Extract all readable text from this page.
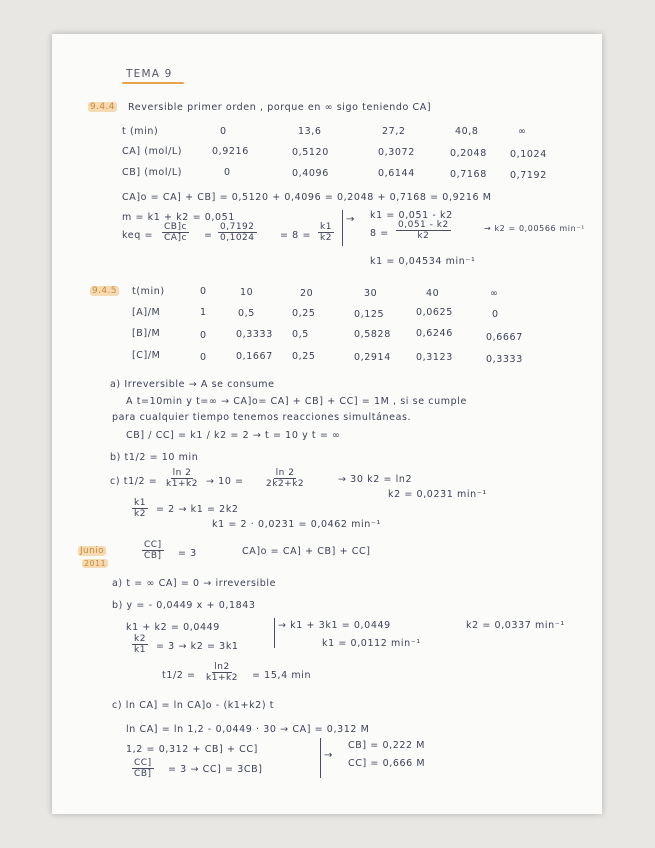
TEMA 9
9.4.4 Reversible primer orden , porque en ∞ sigo teniendo CA]
t (min)	0	13,6	27,2	40,8	∞
CA] (mol/L)	0,9216	0,5120	0,3072	0,2048 0,1024
CB] (mol/L)	0	0,4096	0,6144	0,7168 0,7192
CA]o = CA] + CB] = 0,5120 + 0,4096 = 0,2048 + 0,7168 = 0,9216 M
m = k1 + k2 = 0,051
keq = $\frac{CB]c}{CA]c} = \frac{0,7192}{0,1024} = 8 = \frac{k1}{k2}$
→ k1 = 0,051 - k2
$8 = \frac{0,051 - k2}{k2}$	→ k2 = 0,00566 min⁻¹
k1 = 0,04534 min⁻¹
9.4.5 t(min)	0	10	20	30	40	∞
[A]/M	1	0,5	0,25	0,125	0,0625	0
[B]/M	0	0,3333 0,5	0,5828	0,6246	0,6667
[C]/M	0	0,1667 0,25	0,2914	0,3123	0,3333
a) Irreversible → A se consume
A t=10min y t=∞ → CA]o= CA] + CB] + CC] = 1M , si se cumple
para cualquier tiempo tenemos reacciones simultáneas.
CB] / CC] = k1 / k2 = 2 → t = 10 y t = ∞
b) t1/2 = 10 min
c) $t1/2 = \frac{\ln 2}{k1+k2} \to 10 = \frac{\ln 2}{2k2+k2}$	→ 30 k2 = ln2
k2 = 0,0231 min⁻¹
$\frac{k1}{k2} = 2 \to k1 = 2k2$
k1 = 2 · 0,0231 = 0,0462 min⁻¹
Junio
2011
$\frac{CC]}{CB]} = 3$	CA]o = CA] + CB] + CC]
a) t = ∞ CA] = 0 → irreversible
b) y = - 0,0449 x + 0,1843
k1 + k2 = 0,0449
$\frac{k2}{k1} = 3 \to k2 = 3k1$
→ k1 + 3k1 = 0,0449	k2 = 0,0337 min⁻¹
k1 = 0,0112 min⁻¹
$t1/2 = \frac{\ln 2}{k1+k2} = 15,4$ min
c) ln CA] = ln CA]o - (k1+k2) t
ln CA] = ln 1,2 - 0,0449 · 30 → CA] = 0,312 M
1,2 = 0,312 + CB] + CC]
$\frac{CC]}{CB]} = 3 \to CC] = 3CB$]
→
CB] = 0,222 M
CC] = 0,666 M
